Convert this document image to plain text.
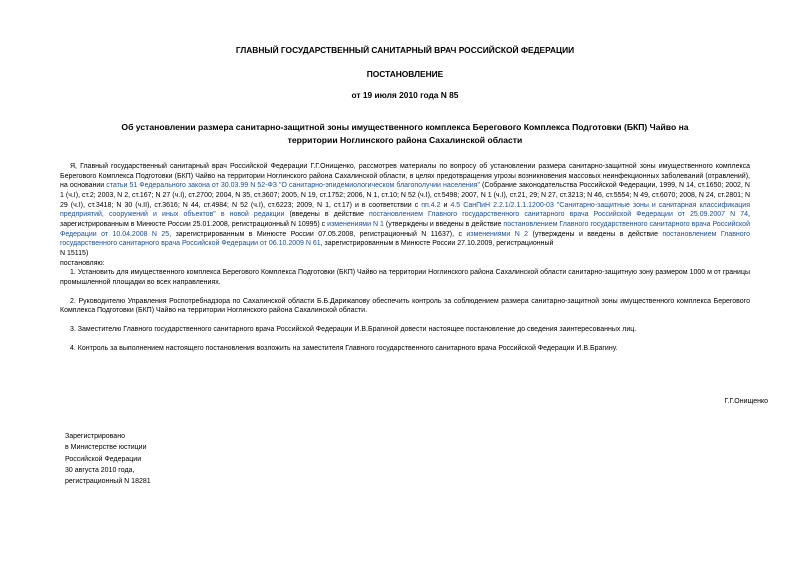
ГЛАВНЫЙ ГОСУДАРСТВЕННЫЙ САНИТАРНЫЙ ВРАЧ РОССИЙСКОЙ ФЕДЕРАЦИИ
ПОСТАНОВЛЕНИЕ
от 19 июля 2010 года N 85
Об установлении размера санитарно-защитной зоны имущественного комплекса Берегового Комплекса Подготовки (БКП) Чайво на территории Ноглинского района Сахалинской области

Я, Главный государственный санитарный врач Российской Федерации Г.Г.Онищенко, рассмотрев материалы по вопросу об установлении размера санитарно-защитной зоны имущественного комплекса Берегового Комплекса Подготовки (БКП) Чайво на территории Ноглинского района Сахалинской области, в целях предотвращения угрозы возникновения массовых неинфекционных заболеваний (отравлений), на основании статьи 51 Федерального закона от 30.03.99 N 52-ФЗ "О санитарно-эпидемиологическом благополучии населения" (Собрание законодательства Российской Федерации, 1999, N 14, ст.1650; 2002, N 1 (ч.I), ст.2; 2003, N 2, ст.167; N 27 (ч.I), ст.2700; 2004, N 35, ст.3607; 2005, N 19, ст.1752; 2006, N 1, ст.10; N 52 (ч.I), ст.5498; 2007, N 1 (ч.I), ст.21, 29; N 27, ст.3213; N 46, ст.5554; N 49, ст.6070; 2008, N 24, ст.2801; N 29 (ч.I), ст.3418; N 30 (ч.II), ст.3616; N 44, ст.4984; N 52 (ч.I), ст.6223; 2009, N 1, ст.17) и в соответствии с пп.4.2 и 4.5 СанПиН 2.2.1/2.1.1.1200-03 "Санитарно-защитные зоны и санитарная классификация предприятий, сооружений и иных объектов" в новой редакции (введены в действие постановлением Главного государственного санитарного врача Российской Федерации от 25.09.2007 N 74, зарегистрированным в Минюсте России 25.01.2008, регистрационный N 10995) с изменениями N 1 (утверждены и введены в действие постановлением Главного государственного санитарного врача Российской Федерации от 10.04.2008 N 25, зарегистрированным в Минюсте России 07.05.2008, регистрационный N 11637), с изменениями N 2 (утверждены и введены в действие постановлением Главного государственного санитарного врача Российской Федерации от 06.10.2009 N 61, зарегистрированным в Минюсте России 27.10.2009, регистрационный

N 15115)
постановляю:

1. Установить для имущественного комплекса Берегового Комплекса Подготовки (БКП) Чайво на территории Ноглинского района Сахалинской области санитарно-защитную зону размером 1000 м от границы промышленной площадки во всех направлениях.

2. Руководителю Управления Роспотребнадзора по Сахалинской области Б.Б.Дарижапову обеспечить контроль за соблюдением размера санитарно-защитной зоны имущественного комплекса Берегового Комплекса Подготовки (БКП) Чайво на территории Ноглинского района Сахалинской области.

3. Заместителю Главного государственного санитарного врача Российской Федерации И.В.Брагиной довести настоящее постановление до сведения заинтересованных лиц.

4. Контроль за выполнением настоящего постановления возложить на заместителя Главного государственного санитарного врача Российской Федерации И.В.Брагину.

Г.Г.Онищенко
Зарегистрировано
в Министерстве юстиции
Российской Федерации
30 августа 2010 года,
регистрационный N 18281
